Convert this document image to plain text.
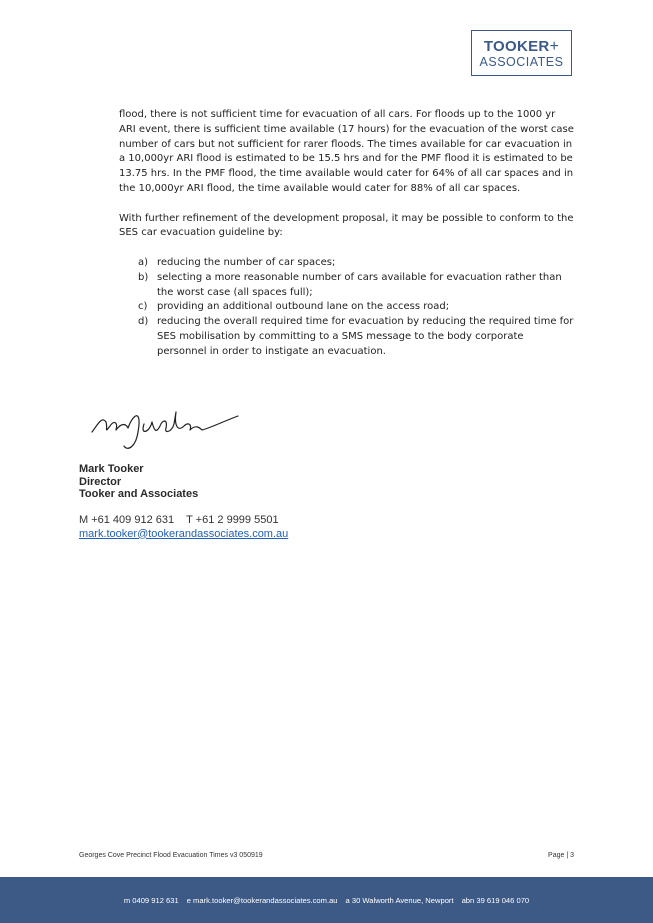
TOOKER+
ASSOCIATES

flood, there is not sufficient time for evacuation of all cars. For floods up to the 1000 yr ARI event, there is sufficient time available (17 hours) for the evacuation of the worst case number of cars but not sufficient for rarer floods. The times available for car evacuation in a 10,000yr ARI flood is estimated to be 15.5 hrs and for the PMF flood it is estimated to be 13.75 hrs. In the PMF flood, the time available would cater for 64% of all car spaces and in the 10,000yr ARI flood, the time available would cater for 88% of all car spaces.

With further refinement of the development proposal, it may be possible to conform to the SES car evacuation guideline by:

a) reducing the number of car spaces;
b) selecting a more reasonable number of cars available for evacuation rather than the worst case (all spaces full);
c) providing an additional outbound lane on the access road;
d) reducing the overall required time for evacuation by reducing the required time for SES mobilisation by committing to a SMS message to the body corporate personnel in order to instigate an evacuation.
Mark Tooker
Director
Tooker and Associates
M +61 409 912 631 T +61 2 9999 5501
mark.tooker@tookerandassociates.com.au
Georges Cove Precinct Flood Evacuation Times v3 050919	Page | 3
m 0409 912 631 e mark.tooker@tookerandassociates.com.au a 30 Walworth Avenue, Newport abn 39 619 046 070
